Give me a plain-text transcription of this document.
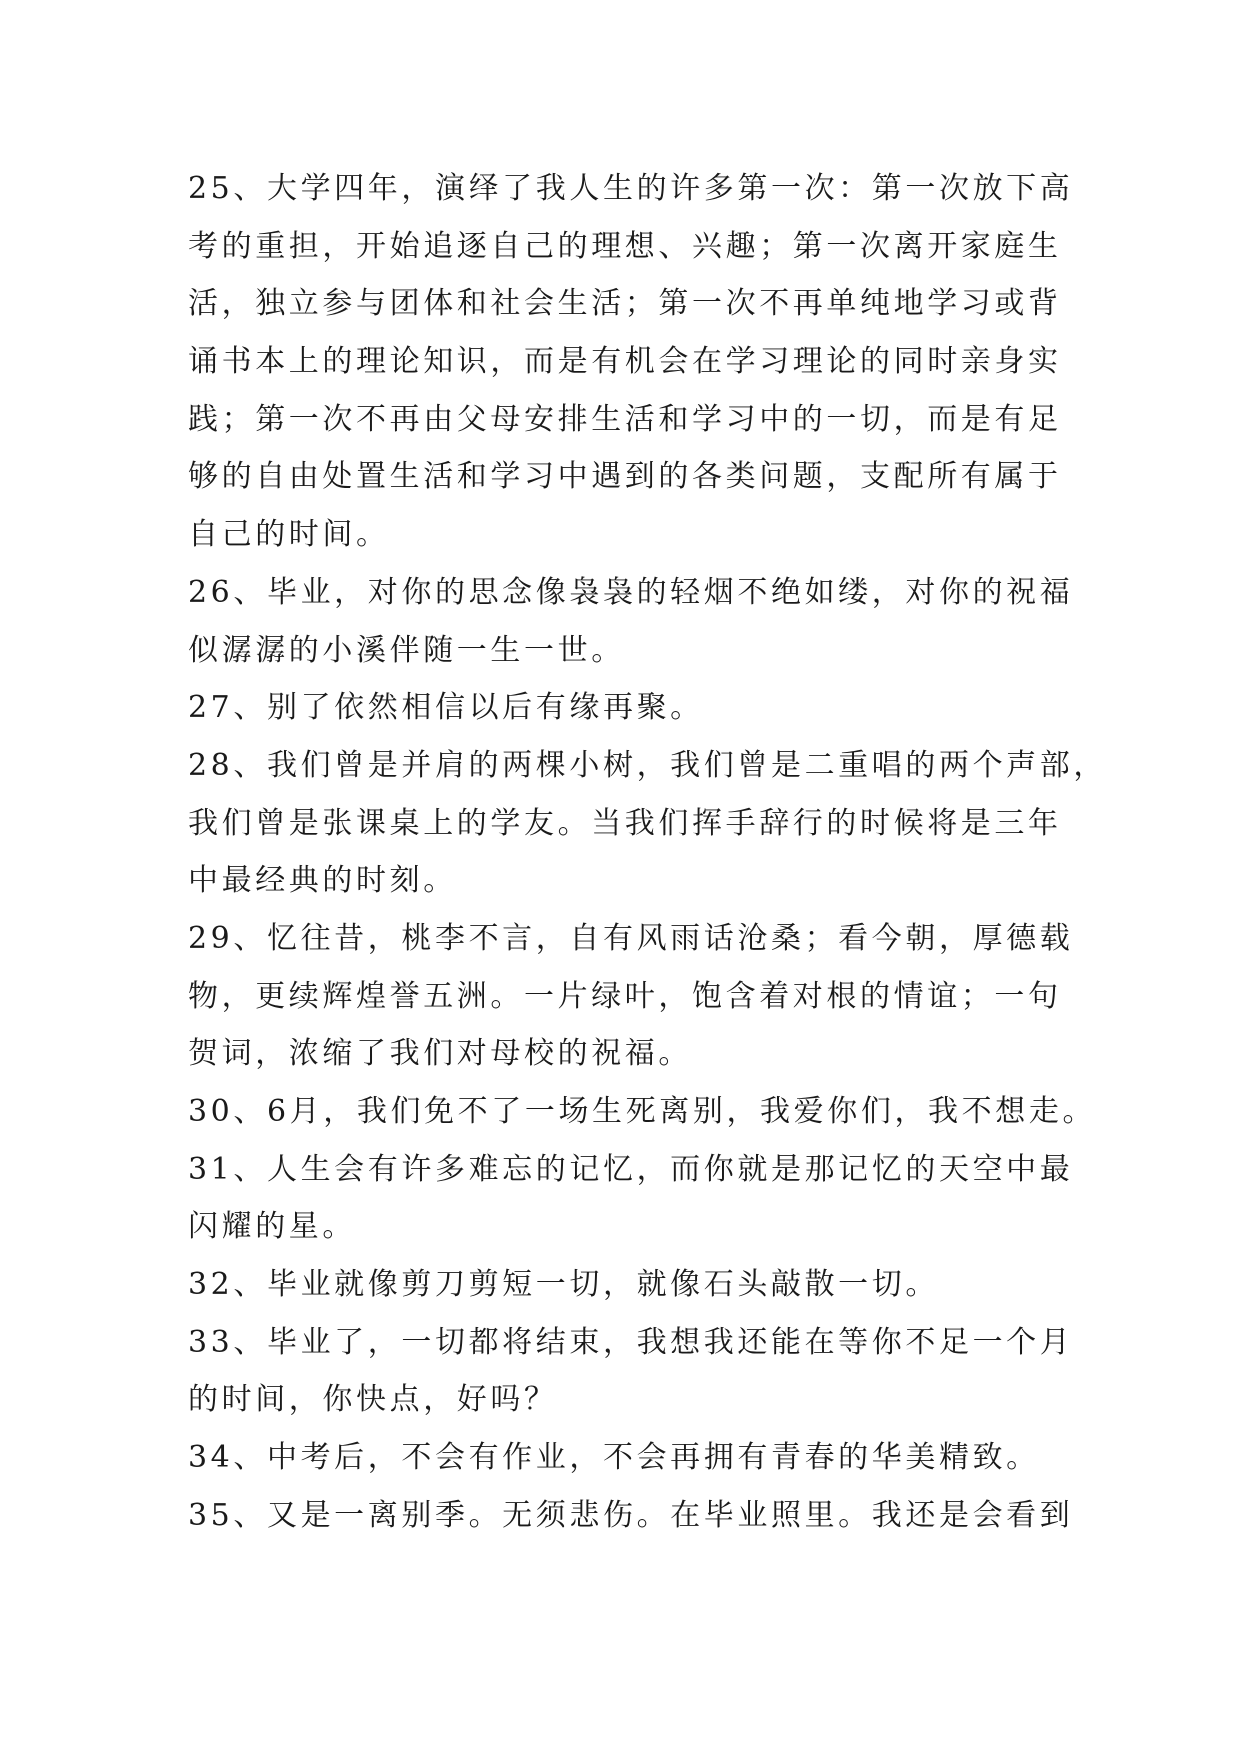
25、大学四年，演绎了我人生的许多第一次：第一次放下高
考的重担，开始追逐自己的理想、兴趣；第一次离开家庭生
活，独立参与团体和社会生活；第一次不再单纯地学习或背
诵书本上的理论知识，而是有机会在学习理论的同时亲身实
践；第一次不再由父母安排生活和学习中的一切，而是有足
够的自由处置生活和学习中遇到的各类问题，支配所有属于
自己的时间。
26、毕业，对你的思念像袅袅的轻烟不绝如缕，对你的祝福
似潺潺的小溪伴随一生一世。
27、别了依然相信以后有缘再聚。
28、我们曾是并肩的两棵小树，我们曾是二重唱的两个声部，
我们曾是张课桌上的学友。当我们挥手辞行的时候将是三年
中最经典的时刻。
29、忆往昔，桃李不言，自有风雨话沧桑；看今朝，厚德载
物，更续辉煌誉五洲。一片绿叶，饱含着对根的情谊；一句
贺词，浓缩了我们对母校的祝福。
30、6月，我们免不了一场生死离别，我爱你们，我不想走。
31、人生会有许多难忘的记忆，而你就是那记忆的天空中最
闪耀的星。
32、毕业就像剪刀剪短一切，就像石头敲散一切。
33、毕业了，一切都将结束，我想我还能在等你不足一个月
的时间，你快点，好吗？
34、中考后，不会有作业，不会再拥有青春的华美精致。
35、又是一离别季。无须悲伤。在毕业照里。我还是会看到
